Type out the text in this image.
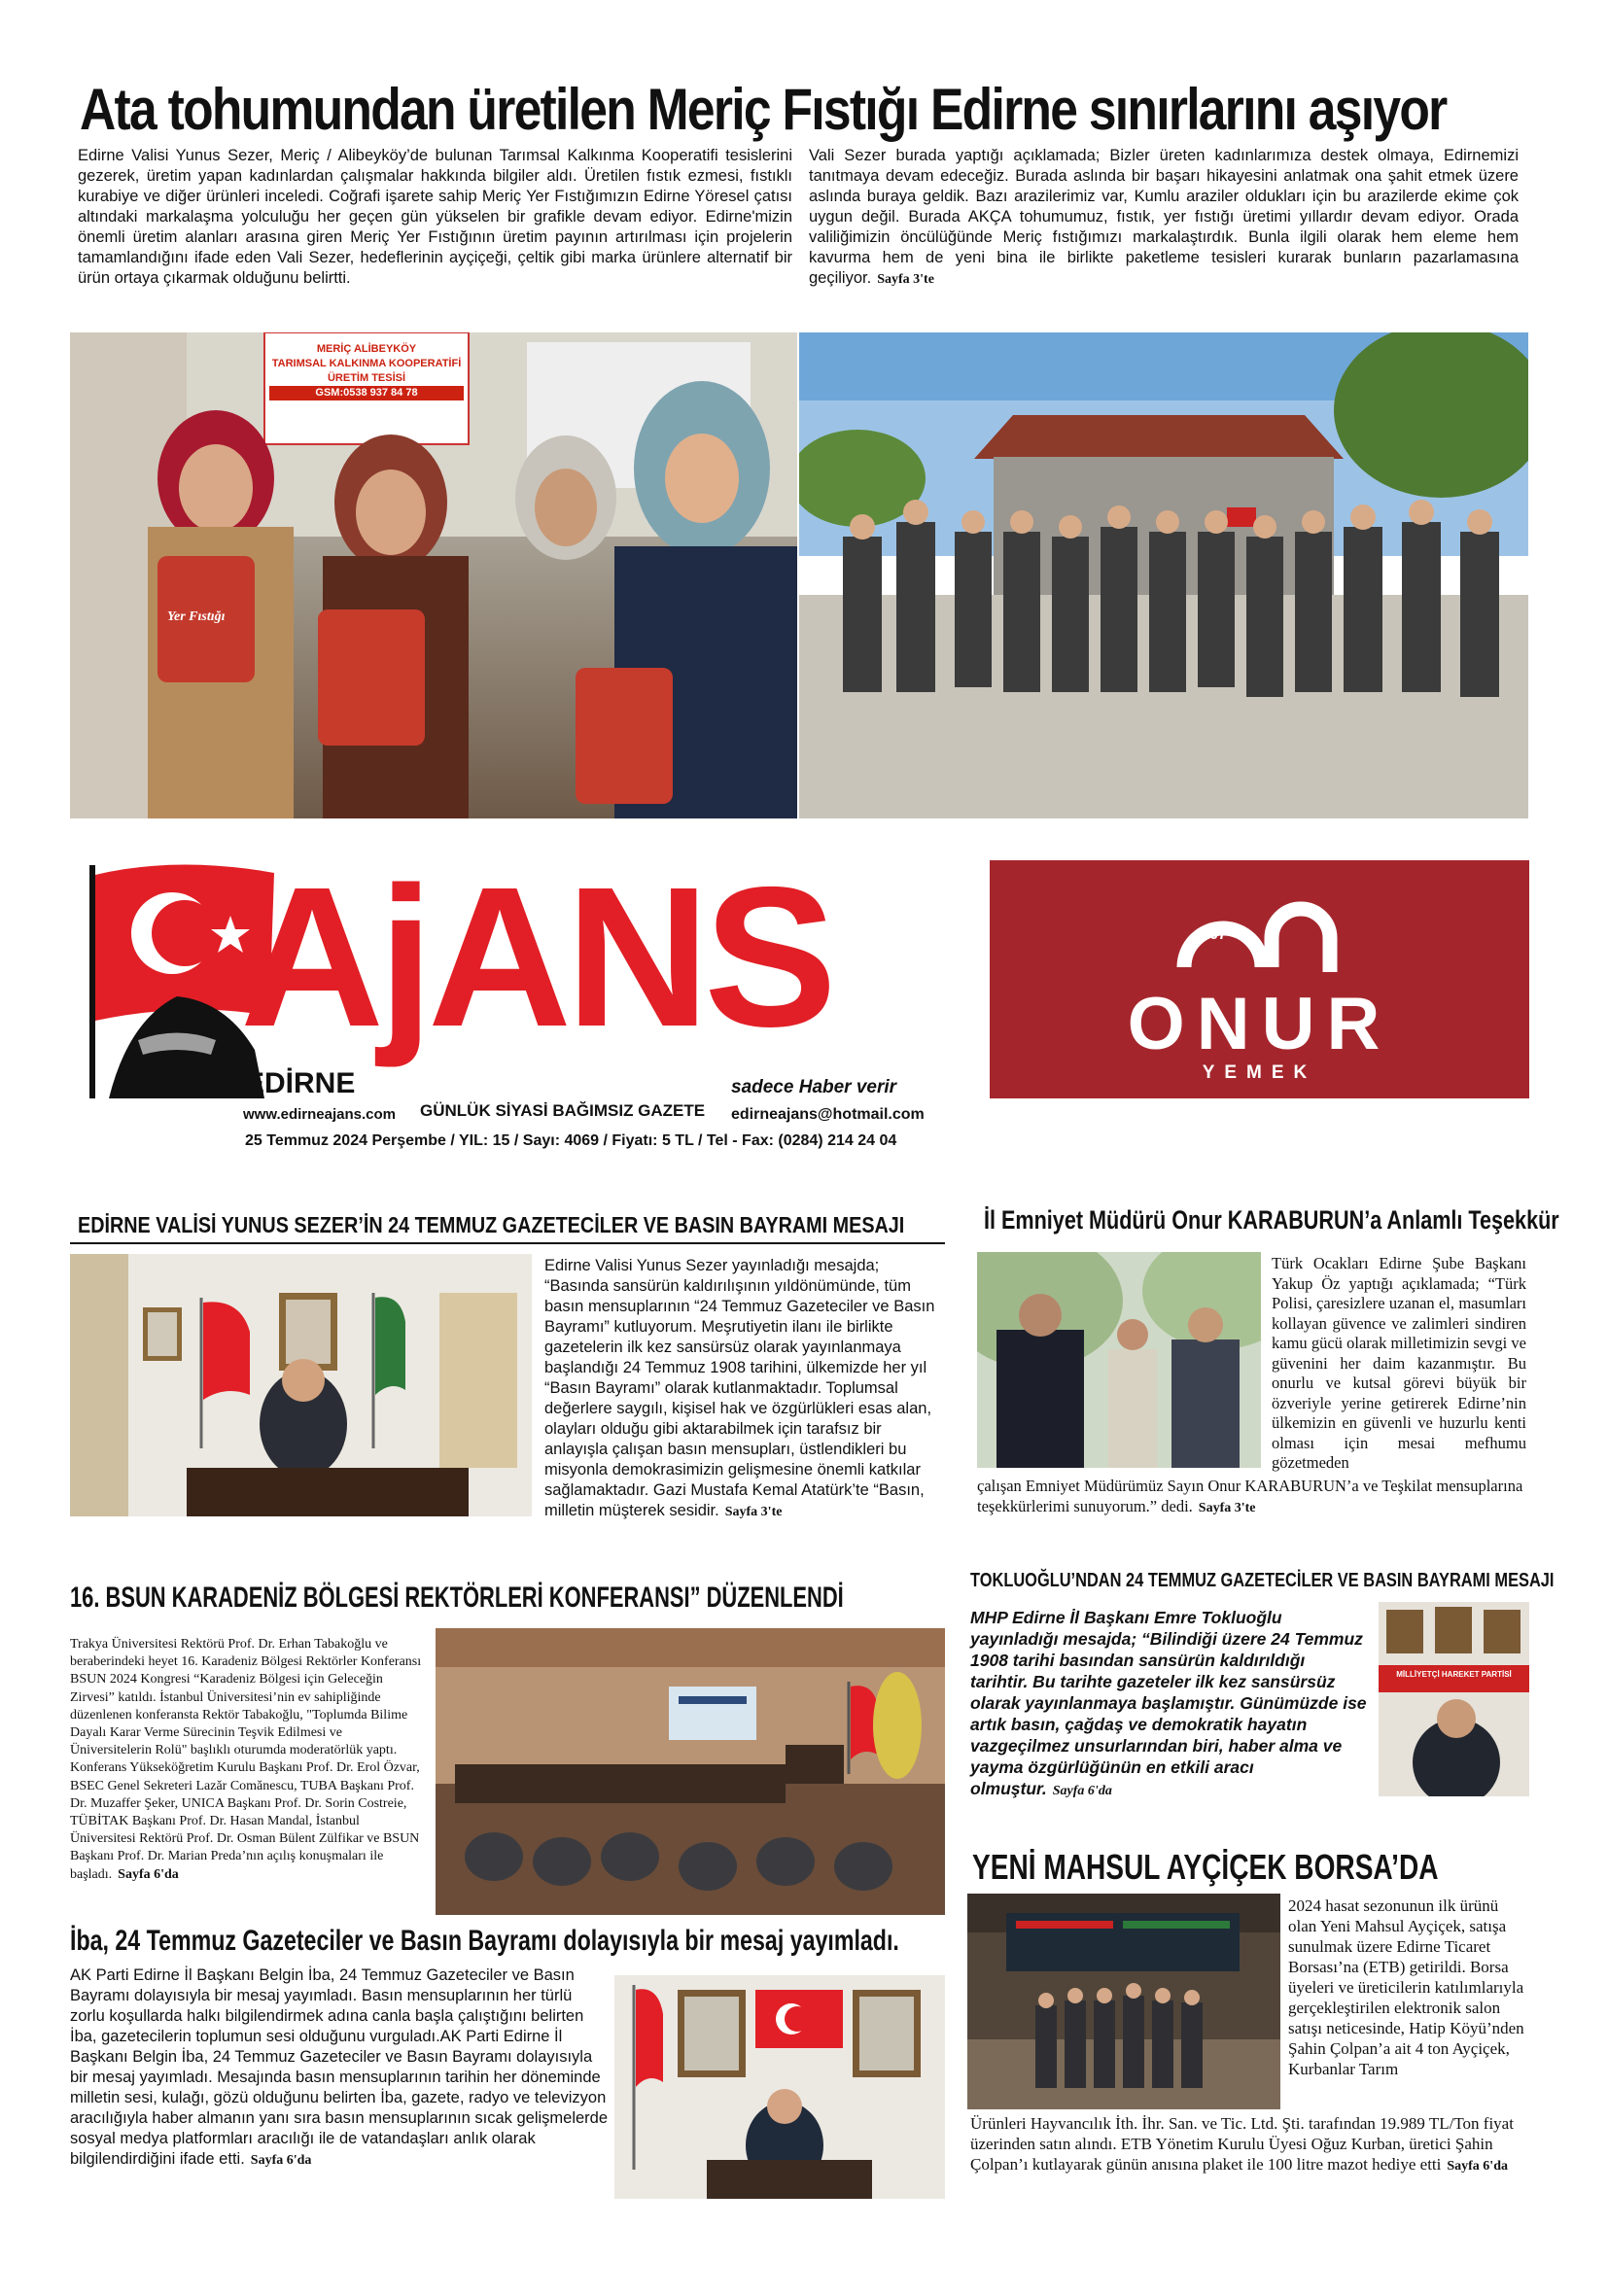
Ata tohumundan üretilen Meriç Fıstığı Edirne sınırlarını aşıyor
Edirne Valisi Yunus Sezer, Meriç / Alibeyköy’de bulunan Tarımsal Kalkınma Kooperatifi tesislerini gezerek, üretim yapan kadınlardan çalışmalar hakkında bilgiler aldı. Üretilen fıstık ezmesi, fıstıklı kurabiye ve diğer ürünleri inceledi. Coğrafi işarete sahip Meriç Yer Fıstığımızın Edirne Yöresel çatısı altındaki markalaşma yolculuğu her geçen gün yükselen bir grafikle devam ediyor. Edirne'mizin önemli üretim alanları arasına giren Meriç Yer Fıstığının üretim payının artırılması için projelerin tamamlandığını ifade eden Vali Sezer, hedeflerinin ayçiçeği, çeltik gibi marka ürünlere alternatif bir ürün ortaya çıkarmak olduğunu belirtti.
Vali Sezer burada yaptığı açıklamada; Bizler üreten kadınlarımıza destek olmaya, Edirnemizi tanıtmaya devam edeceğiz. Burada aslında bir başarı hikayesini anlatmak ona şahit etmek üzere aslında buraya geldik. Bazı arazilerimiz var, Kumlu araziler oldukları için bu arazilerde ekime çok uygun değil. Burada AKÇA tohumumuz, fıstık, yer fıstığı üretimi yıllardır devam ediyor. Orada valiliğimizin öncülüğünde Meriç fıstığımızı markalaştırdık. Bunla ilgili olarak hem eleme hem kavurma hem de yeni bina ile birlikte paketleme tesisleri kurarak bunların pazarlamasına geçiliyor. Sayfa 3'te
MERİÇ ALİBEYKÖY
TARIMSAL KALKINMA KOOPERATİFİ
ÜRETİM TESİSİ
GSM:0538 937 84 78
Yer Fıstığı
AjANS
EDİRNE
www.edirneajans.com GÜNLÜK SİYASİ BAĞIMSIZ GAZETE
sadece Haber verir
edirneajans@hotmail.com
25 Temmuz 2024 Perşembe / YIL: 15 / Sayı: 4069 / Fiyatı: 5 TL / Tel - Fax: (0284) 214 24 04
1997
ONUR
YEMEK
EDİRNE VALİSİ YUNUS SEZER’İN 24 TEMMUZ GAZETECİLER VE BASIN BAYRAMI MESAJI
Edirne Valisi Yunus Sezer yayınladığı mesajda; “Basında sansürün kaldırılışının yıldönümünde, tüm basın mensuplarının “24 Temmuz Gazeteciler ve Basın Bayramı” kutluyorum. Meşrutiyetin ilanı ile birlikte gazetelerin ilk kez sansürsüz olarak yayınlanmaya başlandığı 24 Temmuz 1908 tarihini, ülkemizde her yıl “Basın Bayramı” olarak kutlanmaktadır. Toplumsal değerlere saygılı, kişisel hak ve özgürlükleri esas alan, olayları olduğu gibi aktarabilmek için tarafsız bir anlayışla çalışan basın mensupları, üstlendikleri bu misyonla demokrasimizin gelişmesine önemli katkılar sağlamaktadır. Gazi Mustafa Kemal Atatürk’te “Basın, milletin müşterek sesidir. Sayfa 3'te
İl Emniyet Müdürü Onur KARABURUN’a Anlamlı Teşekkür
Türk Ocakları Edirne Şube Başkanı Yakup Öz yaptığı açıklamada; “Türk Polisi, çaresizlere uzanan el, masumları kollayan güvence ve zalimleri sindiren kamu gücü olarak milletimizin sevgi ve güvenini her daim kazanmıştır. Bu onurlu ve kutsal görevi büyük bir özveriyle yerine getirerek Edirne’nin ülkemizin en güvenli ve huzurlu kenti olması için mesai mefhumu gözetmeden
çalışan Emniyet Müdürümüz Sayın Onur KARABURUN’a ve Teşkilat mensuplarına teşekkürlerimi sunuyorum.” dedi. Sayfa 3'te
16. BSUN KARADENİZ BÖLGESİ REKTÖRLERİ KONFERANSI” DÜZENLENDİ
Trakya Üniversitesi Rektörü Prof. Dr. Erhan Tabakoğlu ve beraberindeki heyet 16. Karadeniz Bölgesi Rektörler Konferansı BSUN 2024 Kongresi “Karadeniz Bölgesi için Geleceğin Zirvesi” katıldı. İstanbul Üniversitesi’nin ev sahipliğinde düzenlenen konferansta Rektör Tabakoğlu, "Toplumda Bilime Dayalı Karar Verme Sürecinin Teşvik Edilmesi ve Üniversitelerin Rolü" başlıklı oturumda moderatörlük yaptı. Konferans Yükseköğretim Kurulu Başkanı Prof. Dr. Erol Özvar, BSEC Genel Sekreteri Lazăr Comănescu, TUBA Başkanı Prof. Dr. Muzaffer Şeker, UNICA Başkanı Prof. Dr. Sorin Costreie, TÜBİTAK Başkanı Prof. Dr. Hasan Mandal, İstanbul Üniversitesi Rektörü Prof. Dr. Osman Bülent Zülfikar ve BSUN Başkanı Prof. Dr. Marian Preda’nın açılış konuşmaları ile başladı. Sayfa 6'da
TOKLUOĞLU’NDAN 24 TEMMUZ GAZETECİLER VE BASIN BAYRAMI MESAJI
MHP Edirne İl Başkanı Emre Tokluoğlu yayınladığı mesajda; “Bilindiği üzere 24 Temmuz 1908 tarihi basından sansürün kaldırıldığı tarihtir. Bu tarihte gazeteler ilk kez sansürsüz olarak yayınlanmaya başlamıştır. Günümüzde ise artık basın, çağdaş ve demokratik hayatın vazgeçilmez unsurlarından biri, haber alma ve yayma özgürlüğünün en etkili aracı olmuştur. Sayfa 6'da
MİLLİYETÇİ HAREKET PARTİSİ
İba, 24 Temmuz Gazeteciler ve Basın Bayramı dolayısıyla bir mesaj yayımladı.
AK Parti Edirne İl Başkanı Belgin İba, 24 Temmuz Gazeteciler ve Basın Bayramı dolayısıyla bir mesaj yayımladı. Basın mensuplarının her türlü zorlu koşullarda halkı bilgilendirmek adına canla başla çalıştığını belirten İba, gazetecilerin toplumun sesi olduğunu vurguladı.AK Parti Edirne İl Başkanı Belgin İba, 24 Temmuz Gazeteciler ve Basın Bayramı dolayısıyla bir mesaj yayımladı. Mesajında basın mensuplarının tarihin her döneminde milletin sesi, kulağı, gözü olduğunu belirten İba, gazete, radyo ve televizyon aracılığıyla haber almanın yanı sıra basın mensuplarının sıcak gelişmelerde sosyal medya platformları aracılığı ile de vatandaşları anlık olarak bilgilendirdiğini ifade etti. Sayfa 6'da
YENİ MAHSUL AYÇİÇEK BORSA’DA
2024 hasat sezonunun ilk ürünü olan Yeni Mahsul Ayçiçek, satışa sunulmak üzere Edirne Ticaret Borsası’na (ETB) getirildi. Borsa üyeleri ve üreticilerin katılımlarıyla gerçekleştirilen elektronik salon satışı neticesinde, Hatip Köyü’nden Şahin Çolpan’a ait 4 ton Ayçiçek, Kurbanlar Tarım
Ürünleri Hayvancılık İth. İhr. San. ve Tic. Ltd. Şti. tarafından 19.989 TL/Ton fiyat üzerinden satın alındı. ETB Yönetim Kurulu Üyesi Oğuz Kurban, üretici Şahin Çolpan’ı kutlayarak günün anısına plaket ile 100 litre mazot hediye etti Sayfa 6'da
